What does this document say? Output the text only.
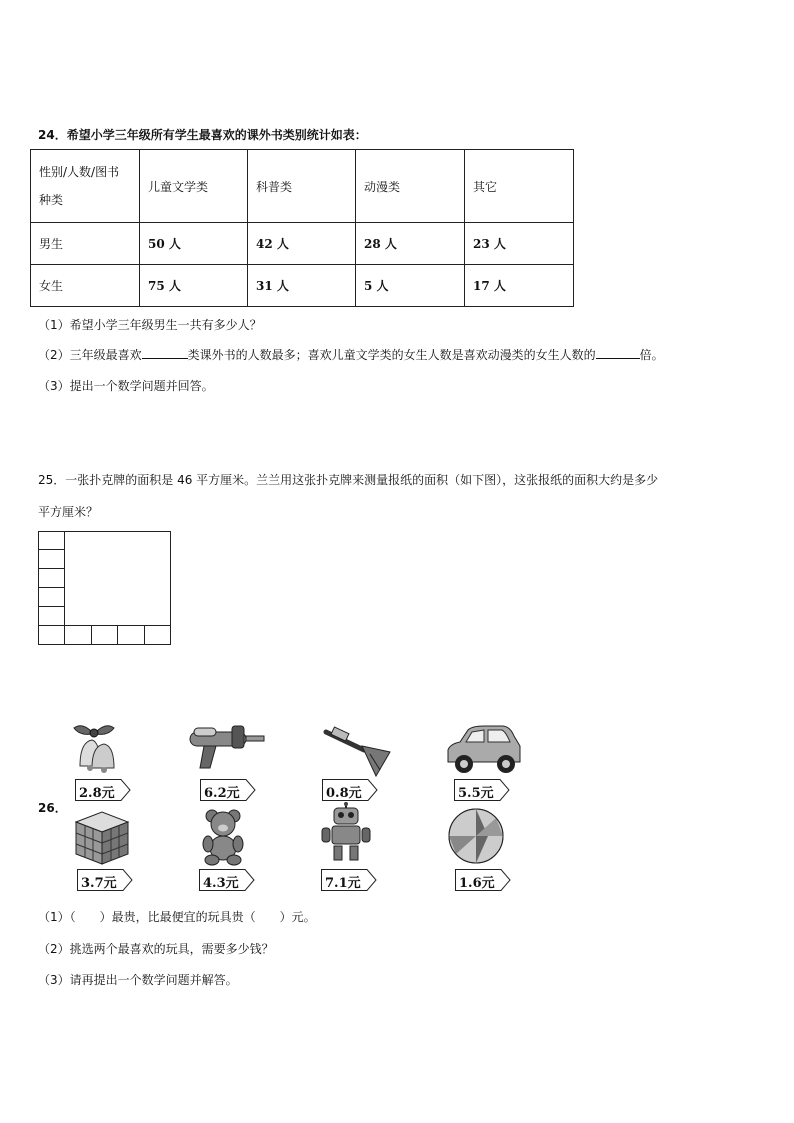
24．希望小学三年级所有学生最喜欢的课外书类别统计如表：
性别/人数/图书
种类	儿童文学类	科普类	动漫类	其它
男生	50 人	42 人	28 人	23 人
女生	75 人	31 人	5 人	17 人
（1）希望小学三年级男生一共有多少人？
（2）三年级最喜欢	类课外书的人数最多；喜欢儿童文学类的女生人数是喜欢动漫类的女生人数的	倍。
（3）提出一个数学问题并回答。
25．一张扑克牌的面积是 46 平方厘米。兰兰用这张扑克牌来测量报纸的面积（如下图），这张报纸的面积大约是多少
平方厘米？
26．
2.8元	6.2元	0.8元	5.5元
3.7元	4.3元	7.1元	1.6元
（1）（　　）最贵，比最便宜的玩具贵（　　）元。
（2）挑选两个最喜欢的玩具，需要多少钱？
（3）请再提出一个数学问题并解答。
